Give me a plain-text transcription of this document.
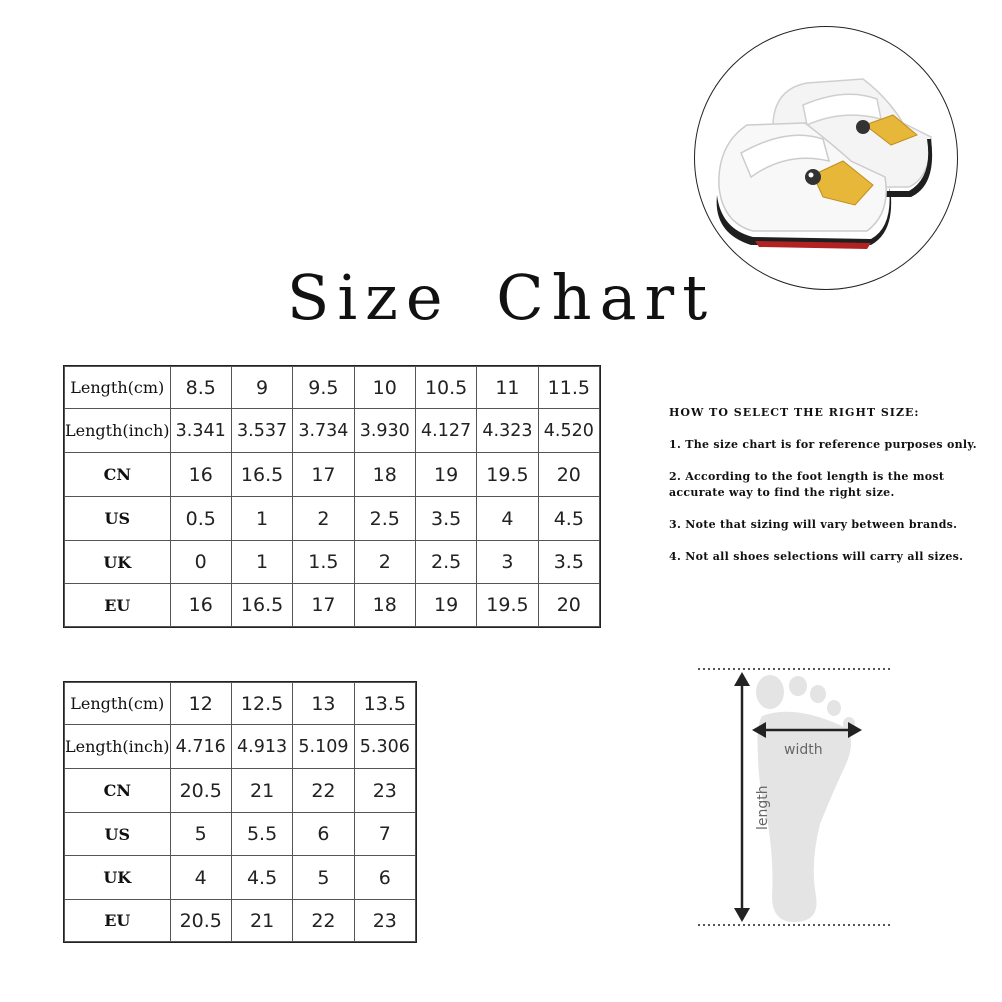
Size Chart
Length(cm)	8.5	9	9.5	10	10.5	11	11.5
Length(inch)	3.341	3.537	3.734	3.930	4.127	4.323	4.520
CN	16	16.5	17	18	19	19.5	20
US	0.5	1	2	2.5	3.5	4	4.5
UK	0	1	1.5	2	2.5	3	3.5
EU	16	16.5	17	18	19	19.5	20
HOW TO SELECT THE RIGHT SIZE:
1. The size chart is for reference purposes only.
2. According to the foot length is the most accurate way to find the right size.
3. Note that sizing will vary between brands.
4. Not all shoes selections will carry all sizes.
Length(cm)	12	12.5	13	13.5
Length(inch)	4.716	4.913	5.109	5.306
CN	20.5	21	22	23
US	5	5.5	6	7
UK	4	4.5	5	6
EU	20.5	21	22	23
width
length
